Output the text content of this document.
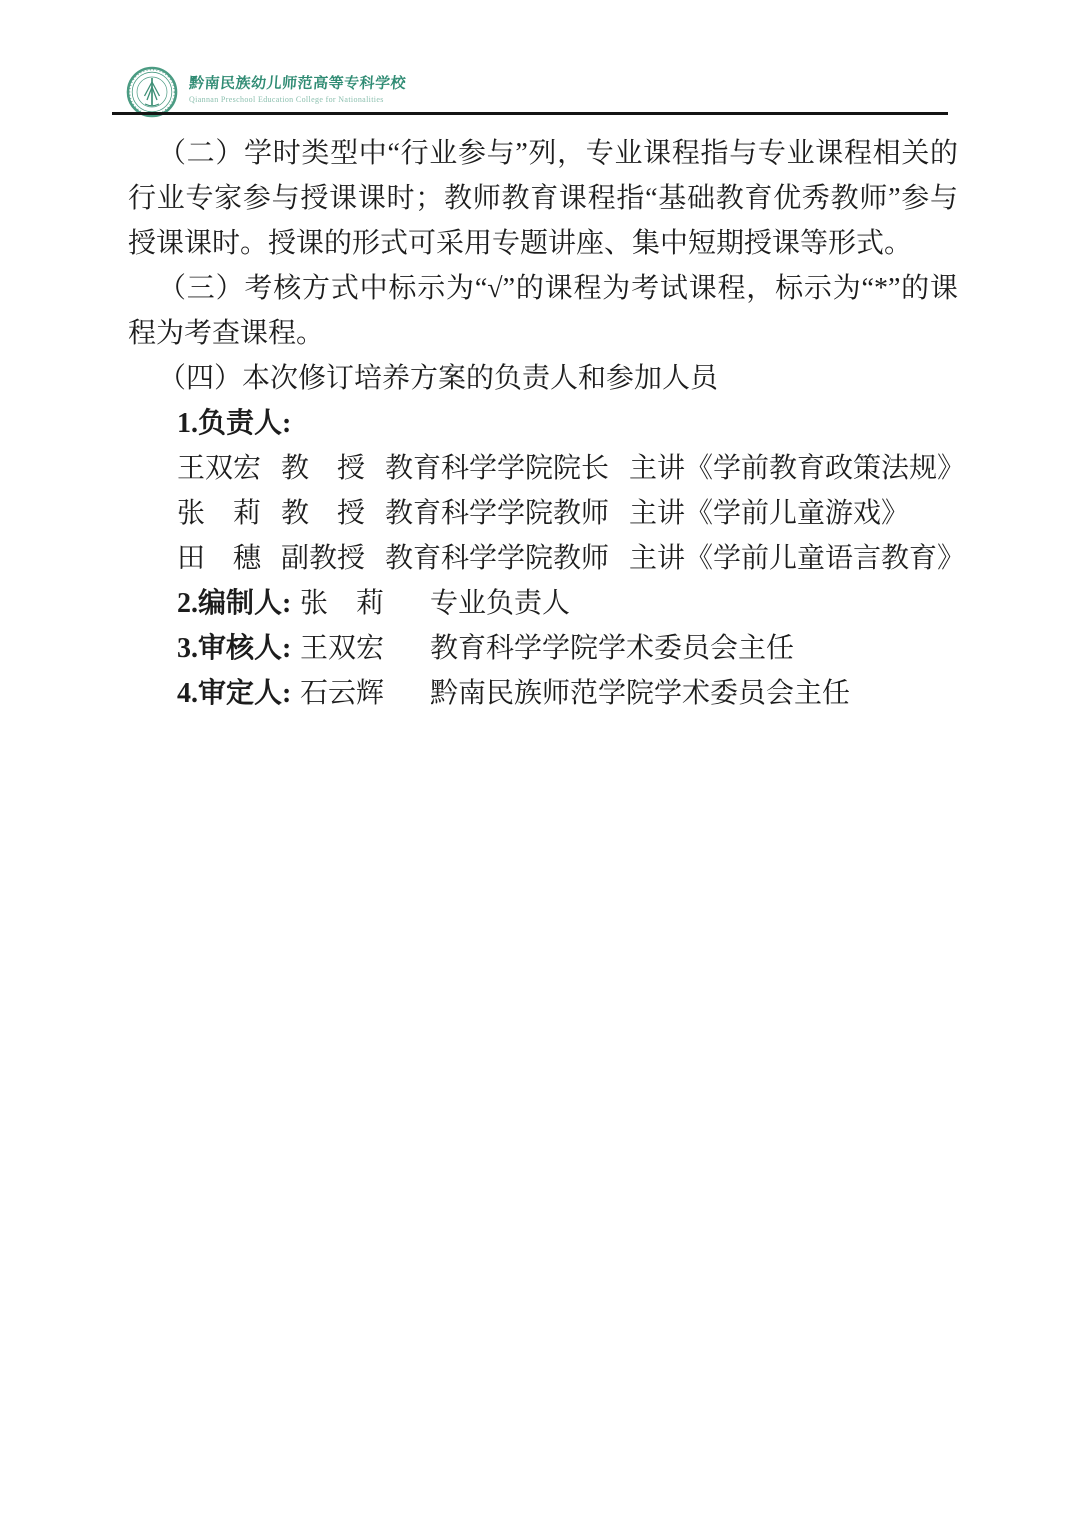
黔南民族幼儿师范高等专科学校
Qiannan Preschool Education College for Nationalities

（二）学时类型中“行业参与”列，专业课程指与专业课程相关的行业专家参与授课课时；教师教育课程指“基础教育优秀教师”参与授课课时。授课的形式可采用专题讲座、集中短期授课等形式。

（三）考核方式中标示为“√”的课程为考试课程，标示为“*”的课程为考查课程。

（四）本次修订培养方案的负责人和参加人员

1.负责人:
王双宏 教　授 教育科学学院院长 主讲《学前教育政策法规》
张　莉 教　授 教育科学学院教师 主讲《学前儿童游戏》
田　穗 副教授 教育科学学院教师 主讲《学前儿童语言教育》
2.编制人: 张　莉 专业负责人
3.审核人: 王双宏 教育科学学院学术委员会主任
4.审定人: 石云辉 黔南民族师范学院学术委员会主任
